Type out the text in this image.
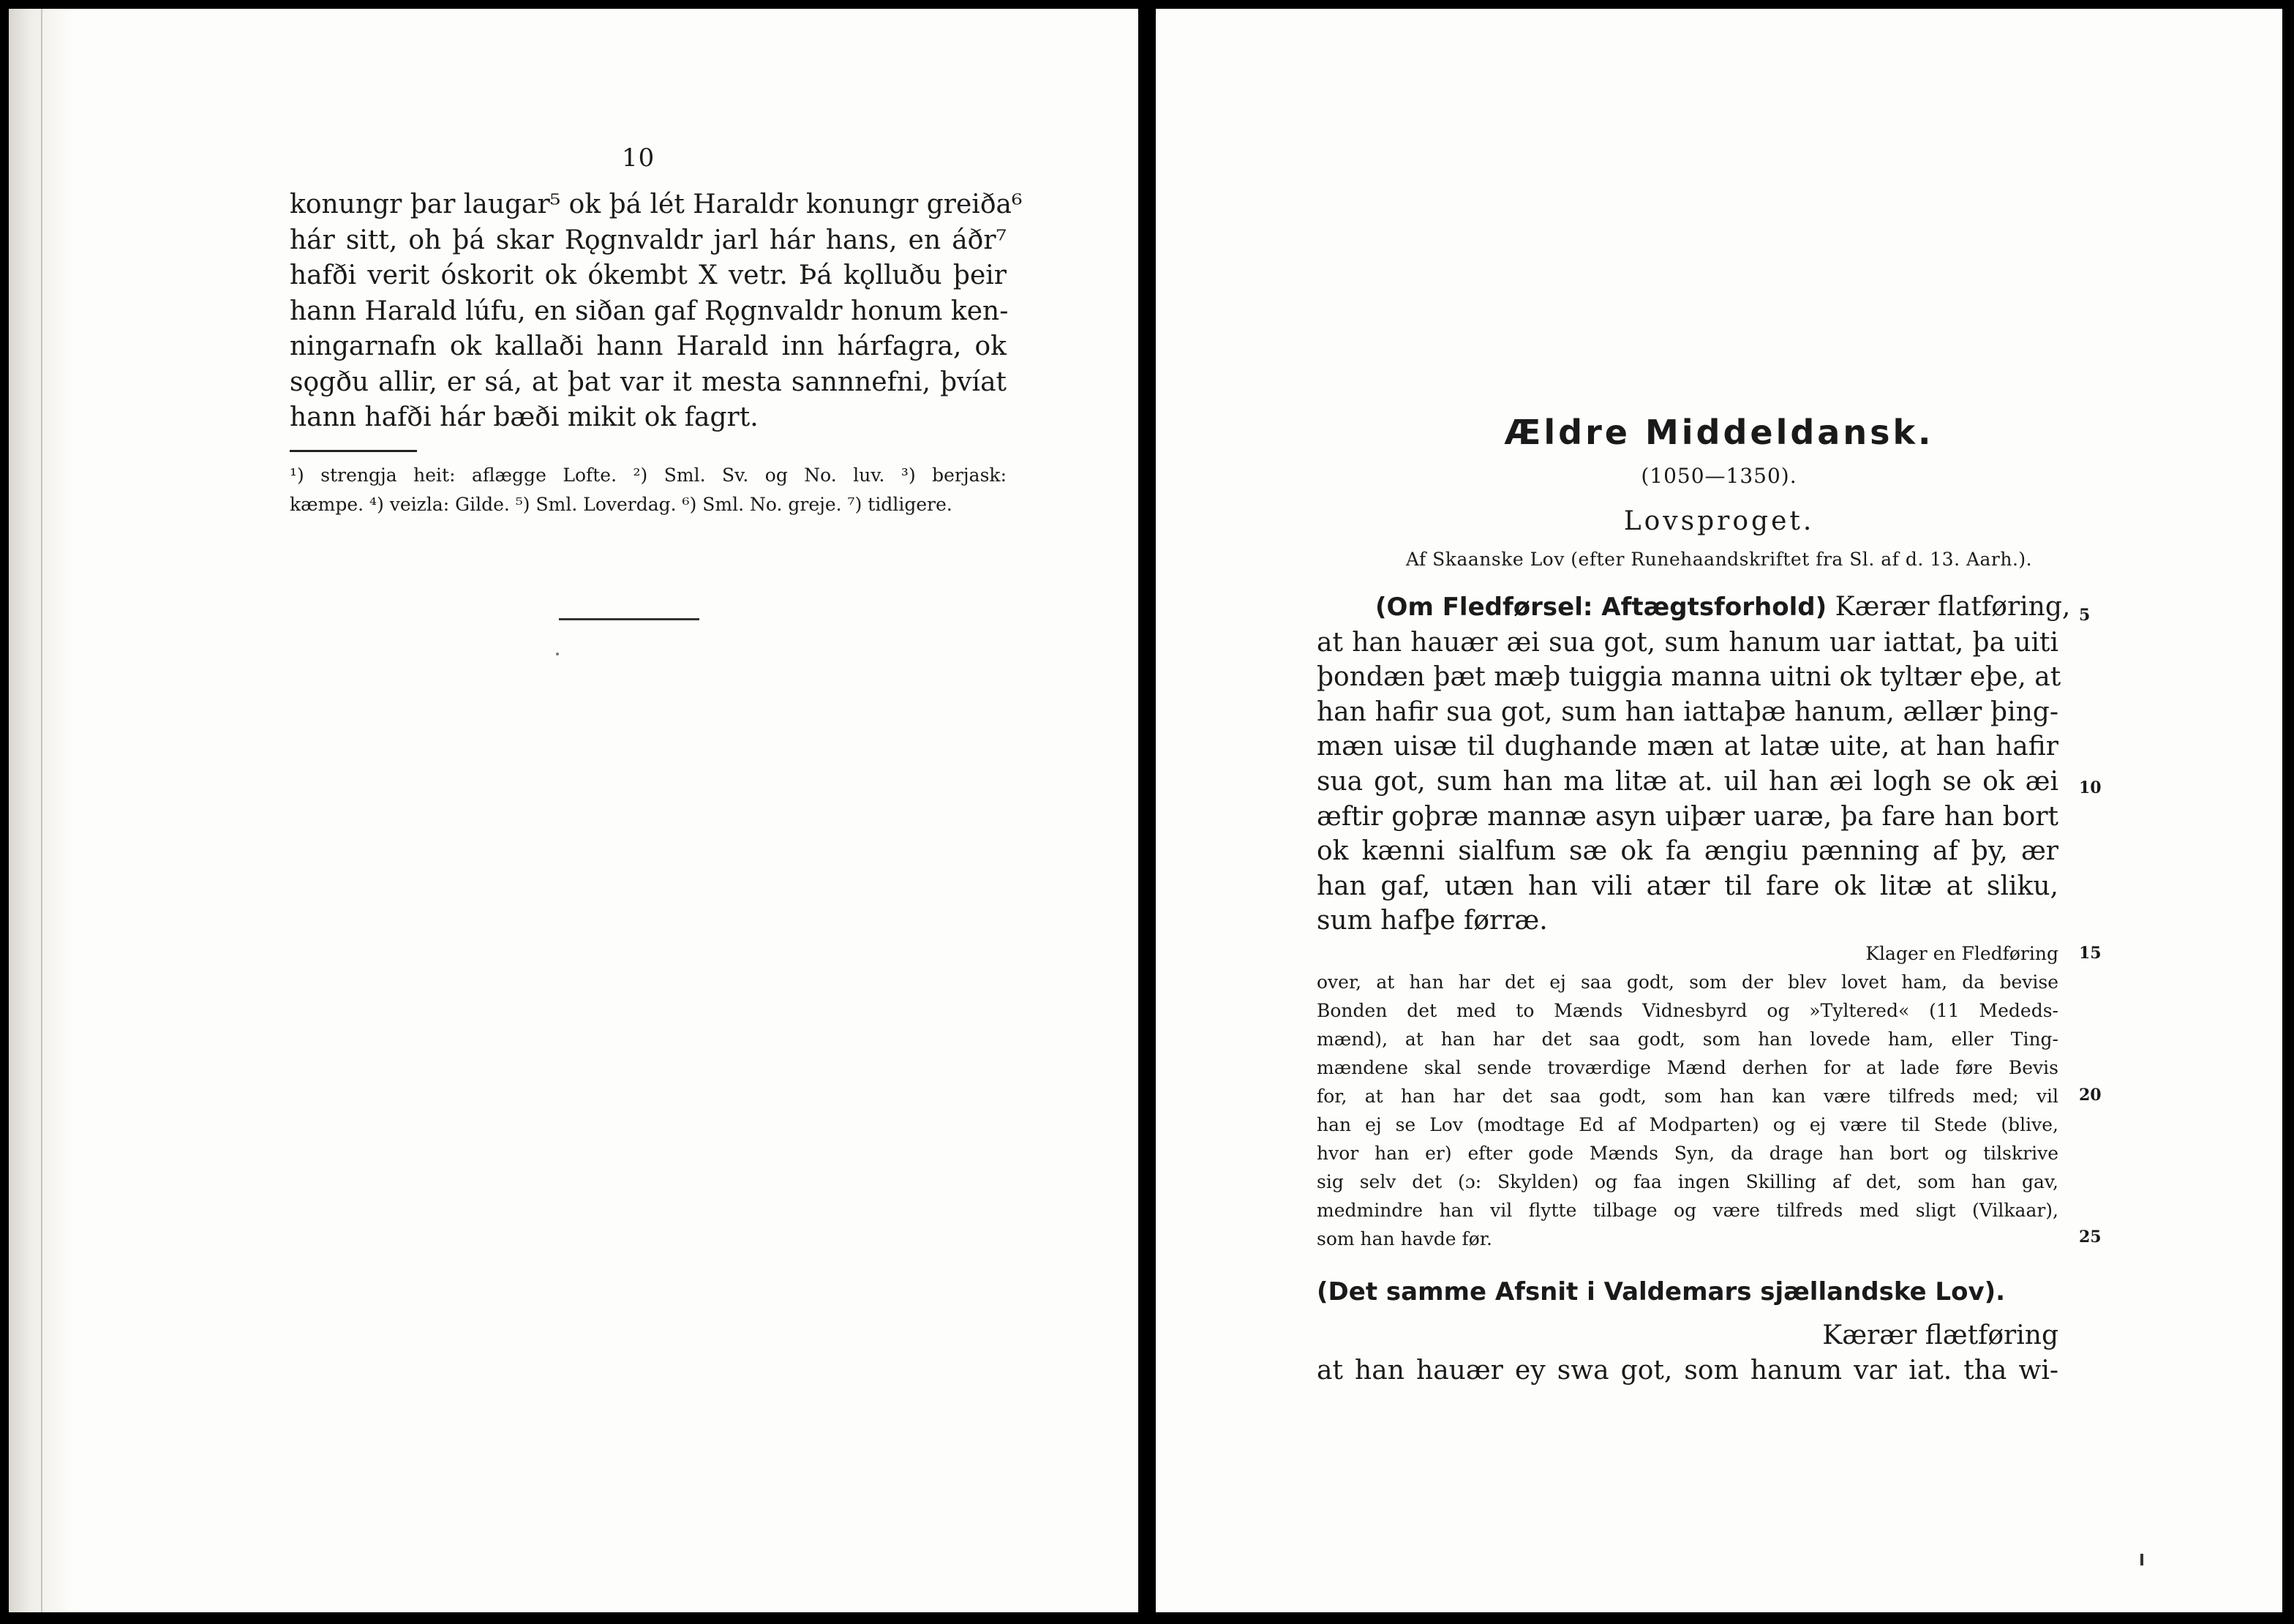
10
konungr þar laugar⁵ ok þá lét Haraldr konungr greiða⁶
hár sitt, oh þá skar Rǫgnvaldr jarl hár hans, en áðr⁷
hafði verit óskorit ok ókembt X vetr. Þá kǫlluðu þeir
hann Harald lúfu, en siðan gaf Rǫgnvaldr honum ken-
ningarnafn ok kallaði hann Harald inn hárfagra, ok
sǫgðu allir, er sá, at þat var it mesta sannnefni, þvíat
hann hafði hár bæði mikit ok fagrt.
¹) strengja heit: aflægge Lofte. ²) Sml. Sv. og No. luv. ³) berjask:
kæmpe. ⁴) veizla: Gilde. ⁵) Sml. Loverdag. ⁶) Sml. No. greje. ⁷) tidligere.
Ældre Middeldansk.
(1050—1350).
Lovsproget.
Af Skaanske Lov (efter Runehaandskriftet fra Sl. af d. 13. Aarh.).
(Om Fledførsel: Aftægtsforhold) Kærær flatføring,
at han hauær æi sua got, sum hanum uar iattat, þa uiti
þondæn þæt mæþ tuiggia manna uitni ok tyltær eþe, at
han hafir sua got, sum han iattaþæ hanum, ællær þing-
mæn uisæ til dughande mæn at latæ uite, at han hafir
sua got, sum han ma litæ at. uil han æi logh se ok æi
æftir goþræ mannæ asyn uiþær uaræ, þa fare han bort
ok kænni sialfum sæ ok fa ængiu pænning af þy, ær
han gaf, utæn han vili atær til fare ok litæ at sliku,
sum hafþe førræ.
Klager en Fledføring
over, at han har det ej saa godt, som der blev lovet ham, da bevise
Bonden det med to Mænds Vidnesbyrd og »Tyltered« (11 Mededs-
mænd), at han har det saa godt, som han lovede ham, eller Ting-
mændene skal sende troværdige Mænd derhen for at lade føre Bevis
for, at han har det saa godt, som han kan være tilfreds med; vil
han ej se Lov (modtage Ed af Modparten) og ej være til Stede (blive,
hvor han er) efter gode Mænds Syn, da drage han bort og tilskrive
sig selv det (ɔ: Skylden) og faa ingen Skilling af det, som han gav,
medmindre han vil flytte tilbage og være tilfreds med sligt (Vilkaar),
som han havde før.
5
10
15
20
25
(Det samme Afsnit i Valdemars sjællandske Lov).
Kærær flætføring
at han hauær ey swa got, som hanum var iat. tha wi-
